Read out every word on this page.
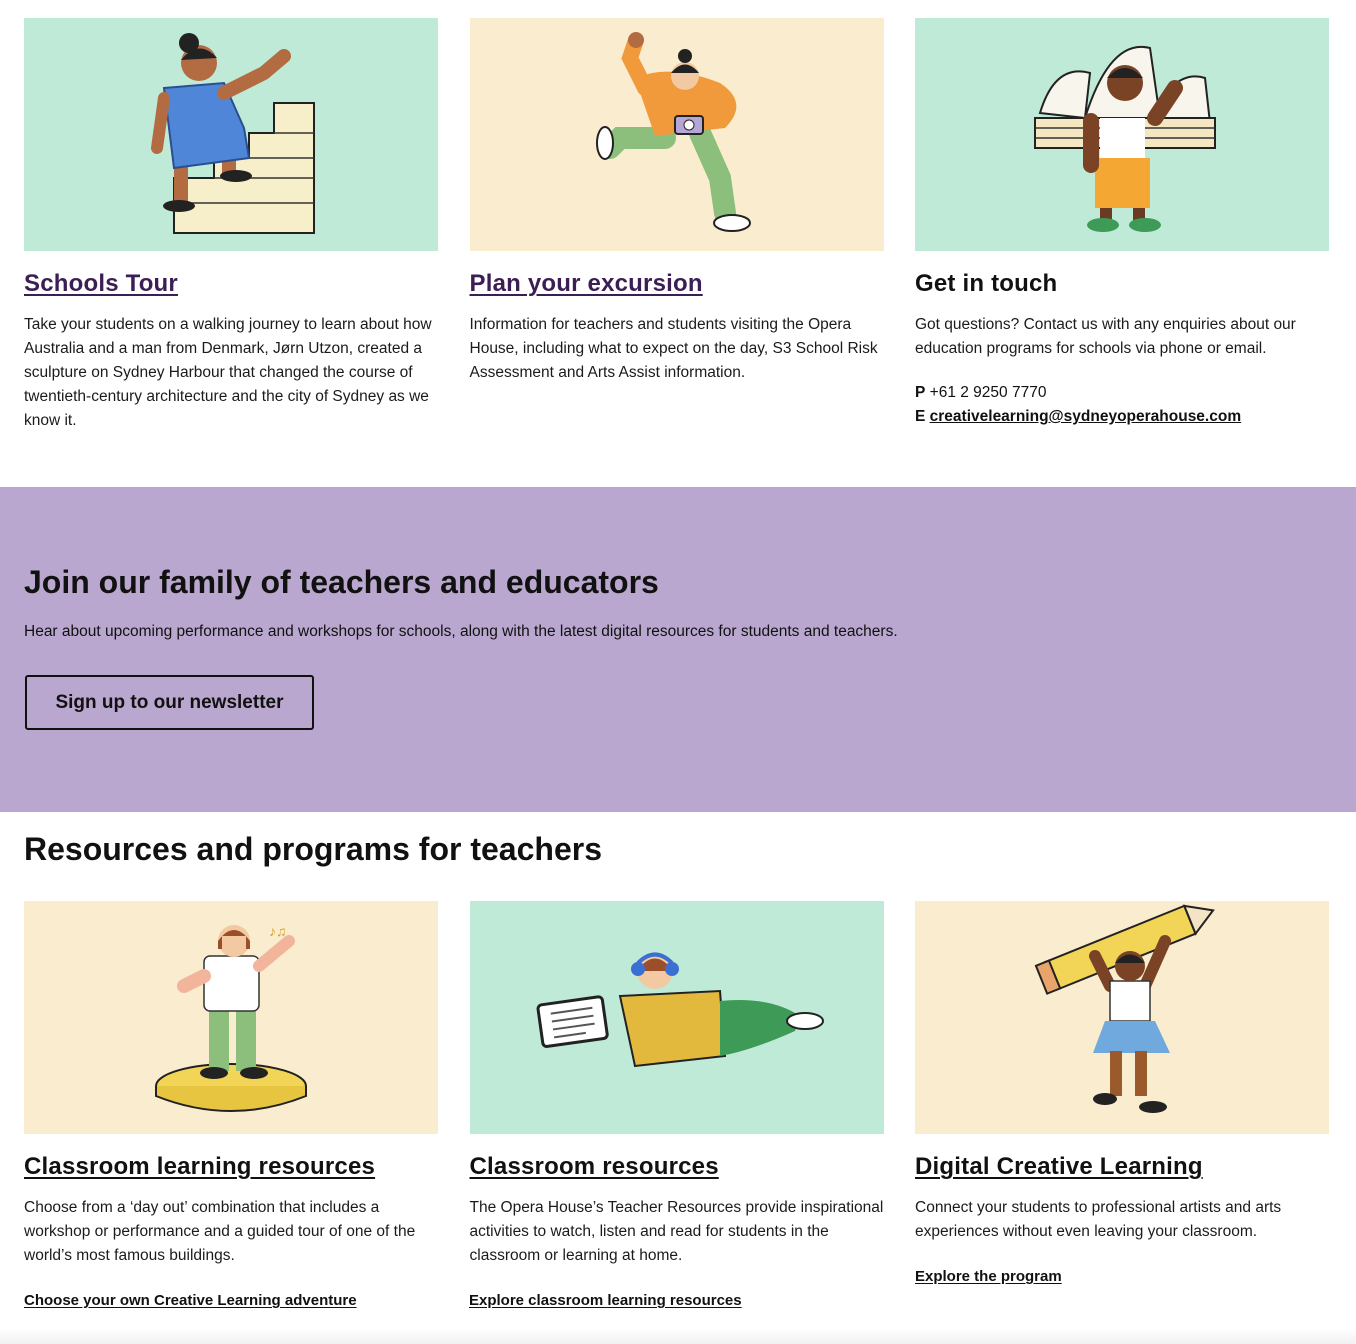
Schools Tour

Take your students on a walking journey to learn about how Australia and a man from Denmark, Jørn Utzon, created a sculpture on Sydney Harbour that changed the course of twentieth-century architecture and the city of Sydney as we know it.

Plan your excursion

Information for teachers and students visiting the Opera House, including what to expect on the day, S3 School Risk Assessment and Arts Assist information.

Get in touch

Got questions? Contact us with any enquiries about our education programs for schools via phone or email.

P +61 2 9250 7770
E creativelearning@sydneyoperahouse.com
Join our family of teachers and educators

Hear about upcoming performance and workshops for schools, along with the latest digital resources for students and teachers.

Sign up to our newsletter
Resources and programs for teachers
♪♫
Classroom learning resources

Choose from a ‘day out’ combination that includes a workshop or performance and a guided tour of one of the world’s most famous buildings.

Classroom resources

The Opera House’s Teacher Resources provide inspirational activities to watch, listen and read for students in the classroom or learning at home.

Digital Creative Learning

Connect your students to professional artists and arts experiences without even leaving your classroom.

Choose your own Creative Learning adventure	Explore classroom learning resources
Explore the program
